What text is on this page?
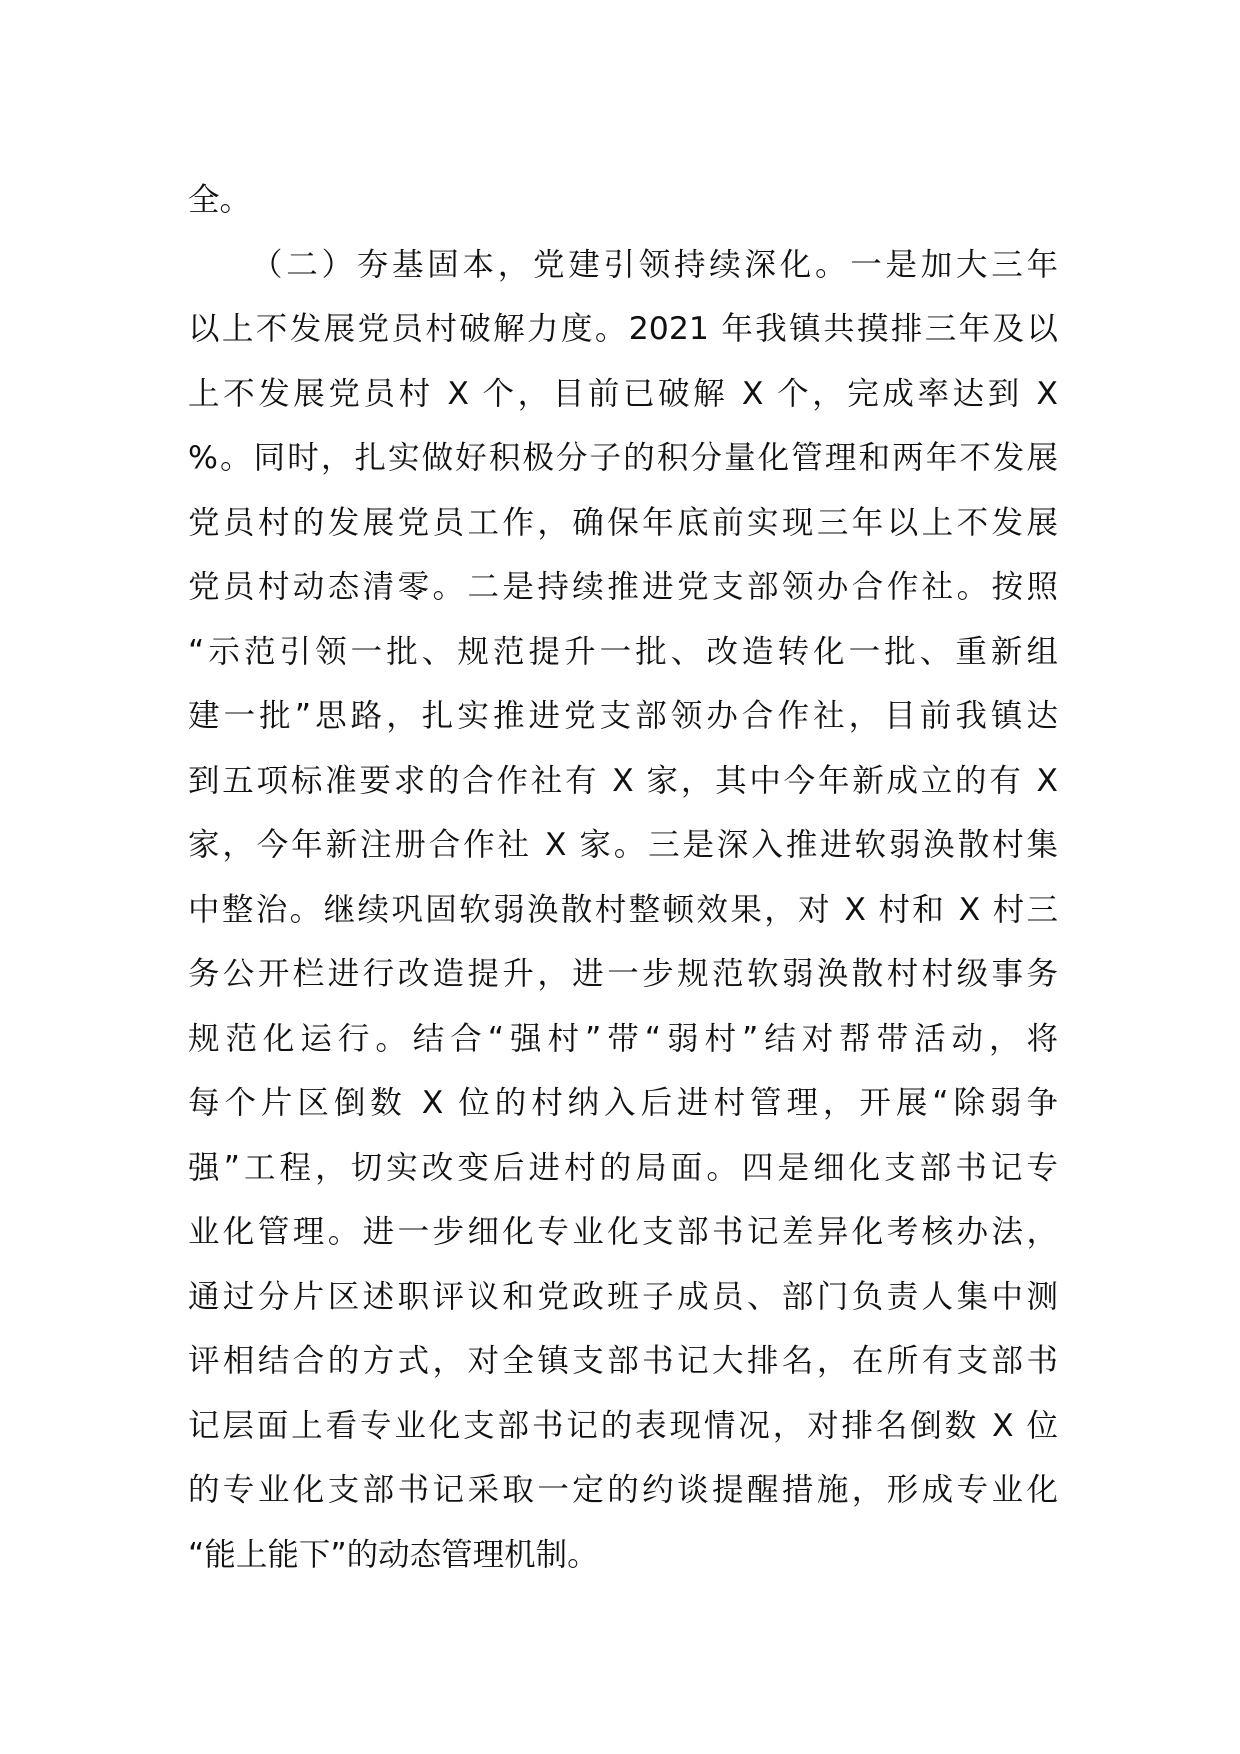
全。
（二）夯基固本，党建引领持续深化。一是加大三年
以上不发展党员村破解力度。2021 年我镇共摸排三年及以
上不发展党员村 X 个，目前已破解 X 个，完成率达到 X
%。同时，扎实做好积极分子的积分量化管理和两年不发展
党员村的发展党员工作，确保年底前实现三年以上不发展
党员村动态清零。二是持续推进党支部领办合作社。按照
“示范引领一批、规范提升一批、改造转化一批、重新组
建一批”思路，扎实推进党支部领办合作社，目前我镇达
到五项标准要求的合作社有 X 家，其中今年新成立的有 X
家，今年新注册合作社 X 家。三是深入推进软弱涣散村集
中整治。继续巩固软弱涣散村整顿效果，对 X 村和 X 村三
务公开栏进行改造提升，进一步规范软弱涣散村村级事务
规范化运行。结合“强村”带“弱村”结对帮带活动，将
每个片区倒数 X 位的村纳入后进村管理，开展“除弱争
强”工程，切实改变后进村的局面。四是细化支部书记专
业化管理。进一步细化专业化支部书记差异化考核办法，
通过分片区述职评议和党政班子成员、部门负责人集中测
评相结合的方式，对全镇支部书记大排名，在所有支部书
记层面上看专业化支部书记的表现情况，对排名倒数 X 位
的专业化支部书记采取一定的约谈提醒措施，形成专业化
“能上能下”的动态管理机制。
